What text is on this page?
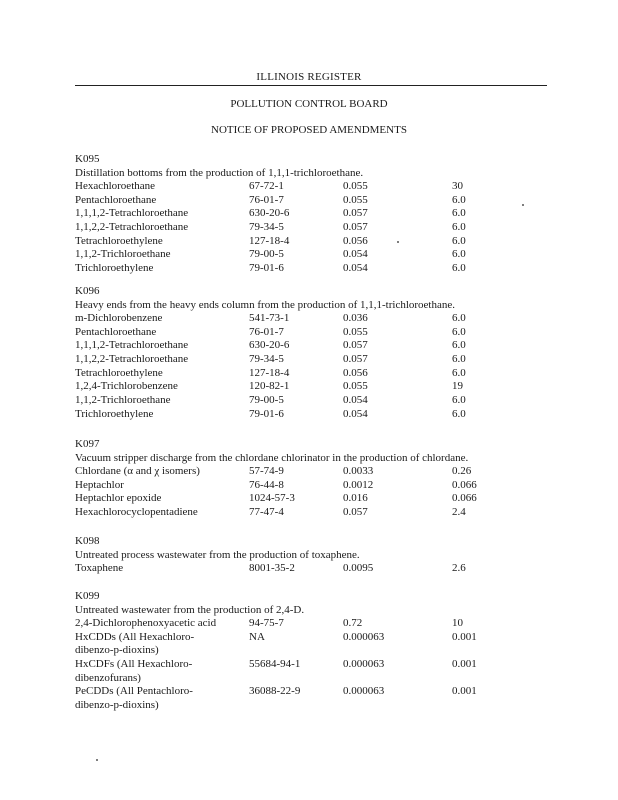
ILLINOIS REGISTER
POLLUTION CONTROL BOARD
NOTICE OF PROPOSED AMENDMENTS
K095
Distillation bottoms from the production of 1,1,1-trichloroethane.
Hexachloroethane	67-72-1	0.055	30
Pentachloroethane	76-01-7	0.055	6.0
1,1,1,2-Tetrachloroethane	630-20-6	0.057	6.0
1,1,2,2-Tetrachloroethane	79-34-5	0.057	6.0
Tetrachloroethylene	127-18-4	0.056	6.0
1,1,2-Trichloroethane	79-00-5	0.054	6.0
Trichloroethylene	79-01-6	0.054	6.0
K096
Heavy ends from the heavy ends column from the production of 1,1,1-trichloroethane.
m-Dichlorobenzene	541-73-1	0.036	6.0
Pentachloroethane	76-01-7	0.055	6.0
1,1,1,2-Tetrachloroethane	630-20-6	0.057	6.0
1,1,2,2-Tetrachloroethane	79-34-5	0.057	6.0
Tetrachloroethylene	127-18-4	0.056	6.0
1,2,4-Trichlorobenzene	120-82-1	0.055	19
1,1,2-Trichloroethane	79-00-5	0.054	6.0
Trichloroethylene	79-01-6	0.054	6.0
K097
Vacuum stripper discharge from the chlordane chlorinator in the production of chlordane.
Chlordane (α and χ isomers)	57-74-9	0.0033	0.26
Heptachlor	76-44-8	0.0012	0.066
Heptachlor epoxide	1024-57-3	0.016	0.066
Hexachlorocyclopentadiene	77-47-4	0.057	2.4
K098
Untreated process wastewater from the production of toxaphene.
Toxaphene	8001-35-2	0.0095	2.6
K099
Untreated wastewater from the production of 2,4-D.
2,4-Dichlorophenoxyacetic acid	94-75-7	0.72	10
HxCDDs (All Hexachloro-	NA	0.000063	0.001
dibenzo-p-dioxins)
HxCDFs (All Hexachloro-	55684-94-1	0.000063	0.001
dibenzofurans)
PeCDDs (All Pentachloro-	36088-22-9	0.000063	0.001
dibenzo-p-dioxins)
